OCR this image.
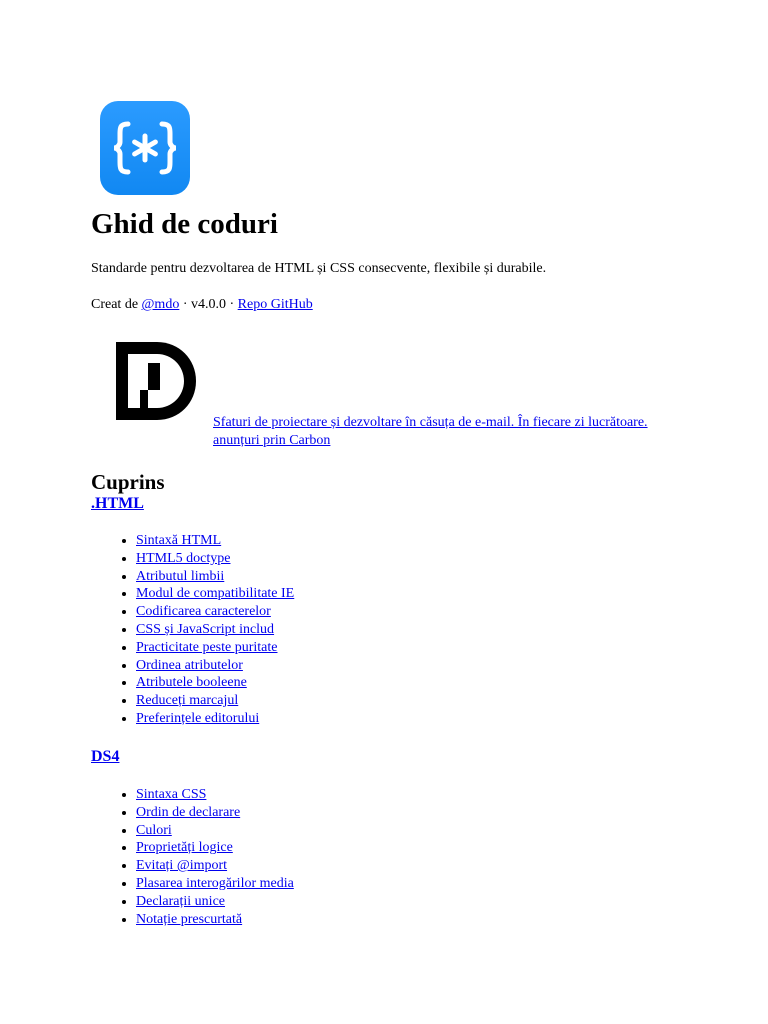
Ghid de coduri

Standarde pentru dezvoltarea de HTML și CSS consecvente, flexibile și durabile.

Creat de @mdo · v4.0.0 · Repo GitHub

Sfaturi de proiectare și dezvoltare în căsuța de e-mail. În fiecare zi lucrătoare. anunțuri prin Carbon

Cuprins

.HTML

• Sintaxă HTML
• HTML5 doctype
• Atributul limbii
• Modul de compatibilitate IE
• Codificarea caracterelor
• CSS și JavaScript includ
• Practicitate peste puritate
• Ordinea atributelor
• Atributele booleene
• Reduceți marcajul
• Preferințele editorului

DS4

• Sintaxa CSS
• Ordin de declarare
• Culori
• Proprietăți logice
• Evitați @import
• Plasarea interogărilor media
• Declarații unice
• Notație prescurtată
